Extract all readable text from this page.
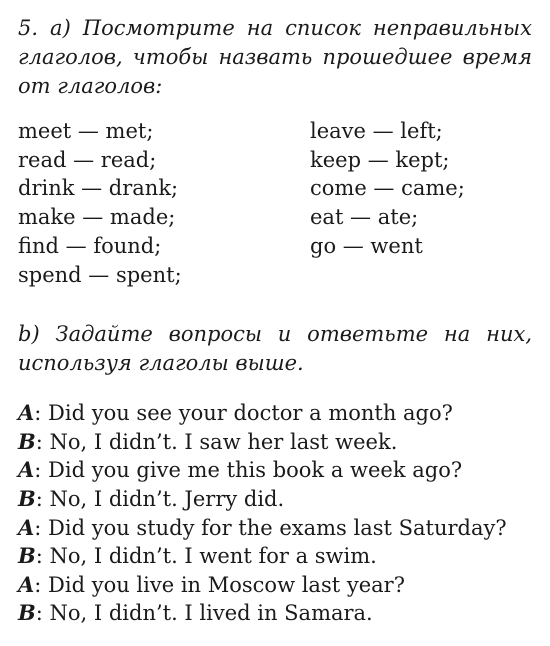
5. a) Посмотрите на список неправильных глаголов, чтобы назвать прошедшее время от глаголов:

meet — met;
read — read;
drink — drank;
make — made;
find — found;
spend — spent;
leave — left;
keep — kept;
come — came;
eat — ate;
go — went

b) Задайте вопросы и ответьте на них, используя глаголы выше.

A: Did you see your doctor a month ago?
B: No, I didn’t. I saw her last week.
A: Did you give me this book a week ago?
B: No, I didn’t. Jerry did.
A: Did you study for the exams last Saturday?
B: No, I didn’t. I went for a swim.
A: Did you live in Moscow last year?
B: No, I didn’t. I lived in Samara.
